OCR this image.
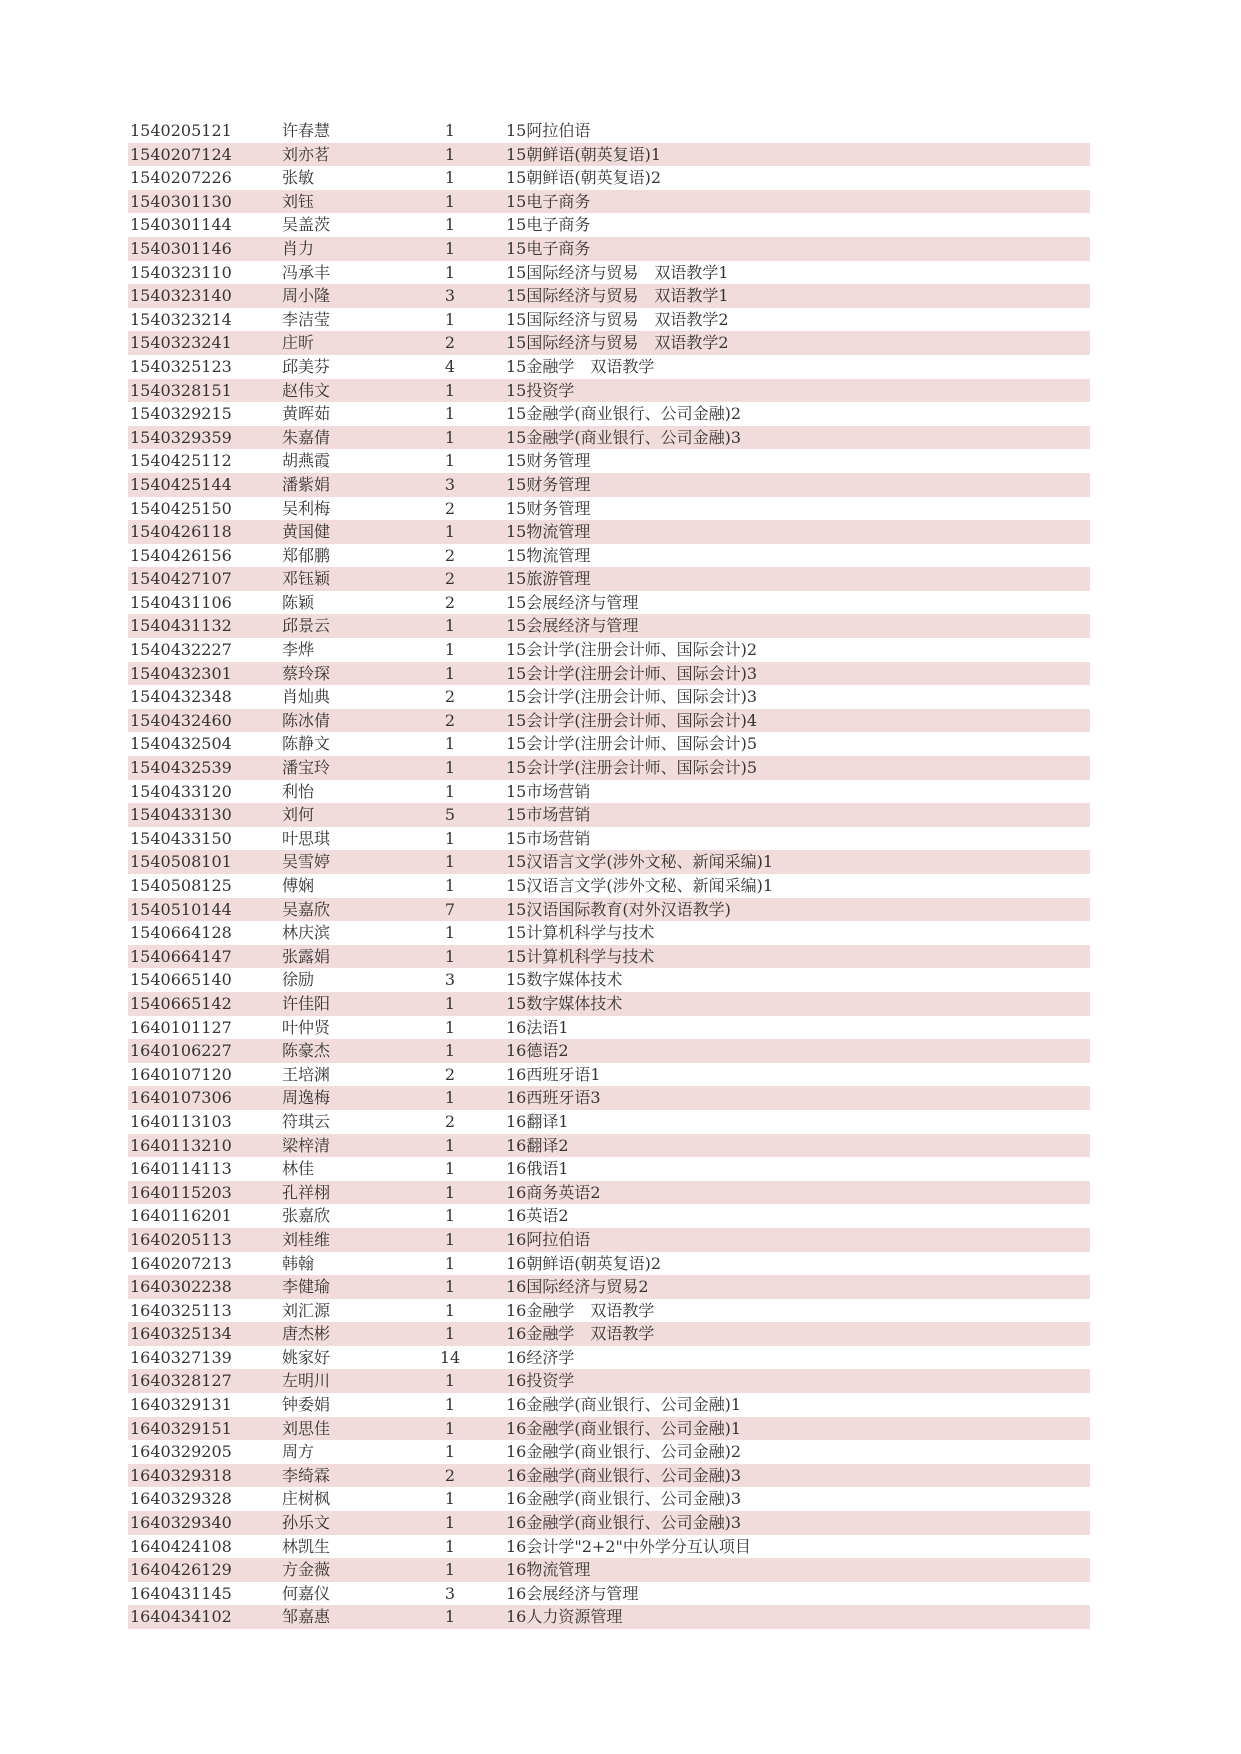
1540205121	许春慧	1	15阿拉伯语
1540207124	刘亦茗	1	15朝鲜语(朝英复语)1
1540207226	张敏	1	15朝鲜语(朝英复语)2
1540301130	刘钰	1	15电子商务
1540301144	吴盖茨	1	15电子商务
1540301146	肖力	1	15电子商务
1540323110	冯承丰	1	15国际经济与贸易　双语教学1
1540323140	周小隆	3	15国际经济与贸易　双语教学1
1540323214	李洁莹	1	15国际经济与贸易　双语教学2
1540323241	庄昕	2	15国际经济与贸易　双语教学2
1540325123	邱美芬	4	15金融学　双语教学
1540328151	赵伟文	1	15投资学
1540329215	黄晖茹	1	15金融学(商业银行、公司金融)2
1540329359	朱嘉倩	1	15金融学(商业银行、公司金融)3
1540425112	胡燕霞	1	15财务管理
1540425144	潘紫娟	3	15财务管理
1540425150	吴利梅	2	15财务管理
1540426118	黄国健	1	15物流管理
1540426156	郑郁鹏	2	15物流管理
1540427107	邓钰颖	2	15旅游管理
1540431106	陈颖	2	15会展经济与管理
1540431132	邱景云	1	15会展经济与管理
1540432227	李烨	1	15会计学(注册会计师、国际会计)2
1540432301	蔡玲琛	1	15会计学(注册会计师、国际会计)3
1540432348	肖灿典	2	15会计学(注册会计师、国际会计)3
1540432460	陈冰倩	2	15会计学(注册会计师、国际会计)4
1540432504	陈静文	1	15会计学(注册会计师、国际会计)5
1540432539	潘宝玲	1	15会计学(注册会计师、国际会计)5
1540433120	利怡	1	15市场营销
1540433130	刘何	5	15市场营销
1540433150	叶思琪	1	15市场营销
1540508101	吴雪婷	1	15汉语言文学(涉外文秘、新闻采编)1
1540508125	傅娴	1	15汉语言文学(涉外文秘、新闻采编)1
1540510144	吴嘉欣	7	15汉语国际教育(对外汉语教学)
1540664128	林庆滨	1	15计算机科学与技术
1540664147	张露娟	1	15计算机科学与技术
1540665140	徐励	3	15数字媒体技术
1540665142	许佳阳	1	15数字媒体技术
1640101127	叶仲贤	1	16法语1
1640106227	陈豪杰	1	16德语2
1640107120	王培渊	2	16西班牙语1
1640107306	周逸梅	1	16西班牙语3
1640113103	符琪云	2	16翻译1
1640113210	梁梓清	1	16翻译2
1640114113	林佳	1	16俄语1
1640115203	孔祥栩	1	16商务英语2
1640116201	张嘉欣	1	16英语2
1640205113	刘桂维	1	16阿拉伯语
1640207213	韩翰	1	16朝鲜语(朝英复语)2
1640302238	李健瑜	1	16国际经济与贸易2
1640325113	刘汇源	1	16金融学　双语教学
1640325134	唐杰彬	1	16金融学　双语教学
1640327139	姚家好	14	16经济学
1640328127	左明川	1	16投资学
1640329131	钟委娟	1	16金融学(商业银行、公司金融)1
1640329151	刘思佳	1	16金融学(商业银行、公司金融)1
1640329205	周方	1	16金融学(商业银行、公司金融)2
1640329318	李绮霖	2	16金融学(商业银行、公司金融)3
1640329328	庄树枫	1	16金融学(商业银行、公司金融)3
1640329340	孙乐文	1	16金融学(商业银行、公司金融)3
1640424108	林凯生	1	16会计学"2+2"中外学分互认项目
1640426129	方金薇	1	16物流管理
1640431145	何嘉仪	3	16会展经济与管理
1640434102	邹嘉惠	1	16人力资源管理
